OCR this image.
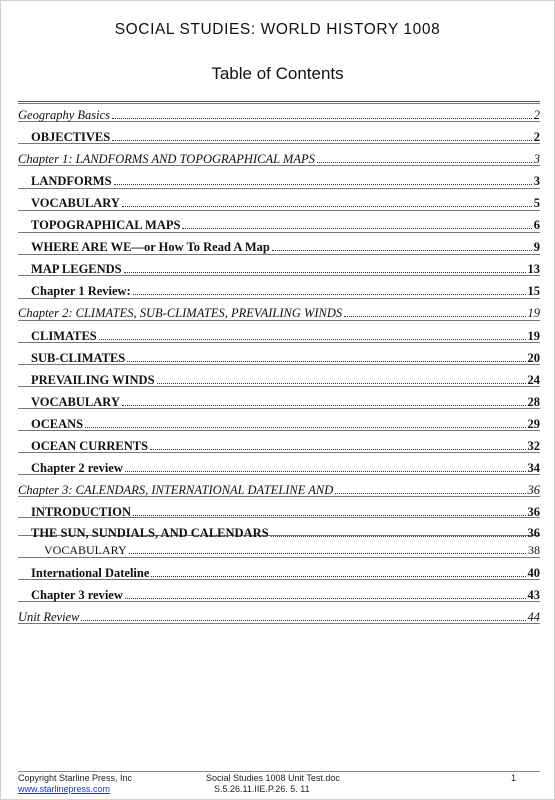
SOCIAL STUDIES: WORLD HISTORY 1008
Table of Contents
Geography Basics	2
OBJECTIVES	2
Chapter 1: LANDFORMS AND TOPOGRAPHICAL MAPS	3
LANDFORMS	3
VOCABULARY	5
TOPOGRAPHICAL MAPS	6
WHERE ARE WE—or How To Read A Map	9
MAP LEGENDS	13
Chapter 1 Review:	15
Chapter 2: CLIMATES, SUB-CLIMATES, PREVAILING WINDS	19
CLIMATES	19
SUB-CLIMATES	20
PREVAILING WINDS	24
VOCABULARY	28
OCEANS	29
OCEAN CURRENTS	32
Chapter 2 review	34
Chapter 3: CALENDARS, INTERNATIONAL DATELINE AND	36
INTRODUCTION	36
THE SUN, SUNDIALS, AND CALENDARS	36
VOCABULARY	38
International Dateline	40
Chapter 3 review	43
Unit Review	44
Copyright Starline Press, Inc
www.starlinepress.com
Social Studies 1008 Unit Test.doc
S.5.26.11.IIE.P.26. 5. 11
1
